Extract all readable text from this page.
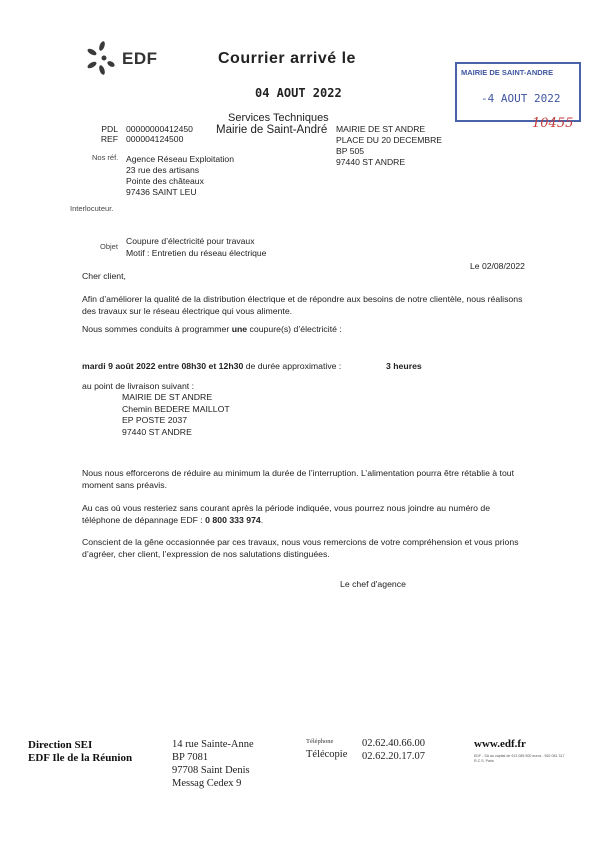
EDF	Courrier arrivé le
04 AOUT 2022
Services Techniques
Mairie de Saint-André
MAIRIE DE SAINT-ANDRE
-4 AOUT 2022
10455
PDL 00000000412450
REF 000004124500
Nos réf. Agence Réseau Exploitation
23 rue des artisans
Pointe des châteaux
97436 SAINT LEU
Interlocuteur.
MAIRIE DE ST ANDRE
PLACE DU 20 DECEMBRE
BP 505
97440 ST ANDRE
Objet
Coupure d’électricité pour travaux
Motif : Entretien du réseau électrique
Le 02/08/2022
Cher client,
Afin d’améliorer la qualité de la distribution électrique et de répondre aux besoins de notre clientèle, nous réalisons des travaux sur le réseau électrique qui vous alimente.
Nous sommes conduits à programmer une coupure(s) d’électricité :
mardi 9 août 2022 entre 08h30 et 12h30 de durée approximative :	3 heures
au point de livraison suivant :
MAIRIE DE ST ANDRE
Chemin BEDERE MAILLOT
EP POSTE 2037
97440 ST ANDRE
Nous nous efforcerons de réduire au minimum la durée de l’interruption. L’alimentation pourra être rétablie à tout moment sans préavis.
Au cas où vous resteriez sans courant après la période indiquée, vous pourrez nous joindre au numéro de téléphone de dépannage EDF : 0 800 333 974.
Conscient de la gêne occasionnée par ces travaux, nous vous remercions de votre compréhension et vous prions d’agréer, cher client, l’expression de nos salutations distinguées.
Le chef d'agence
Direction SEI
EDF Ile de la Réunion
14 rue Sainte-Anne
BP 7081
97708 Saint Denis
Messag Cedex 9
Téléphone
Télécopie
02.62.40.66.00
02.62.20.17.07
www.edf.fr
EDF - SA au capital de 913 085 500 euros - 552 081 317 R.C.S. Paris
